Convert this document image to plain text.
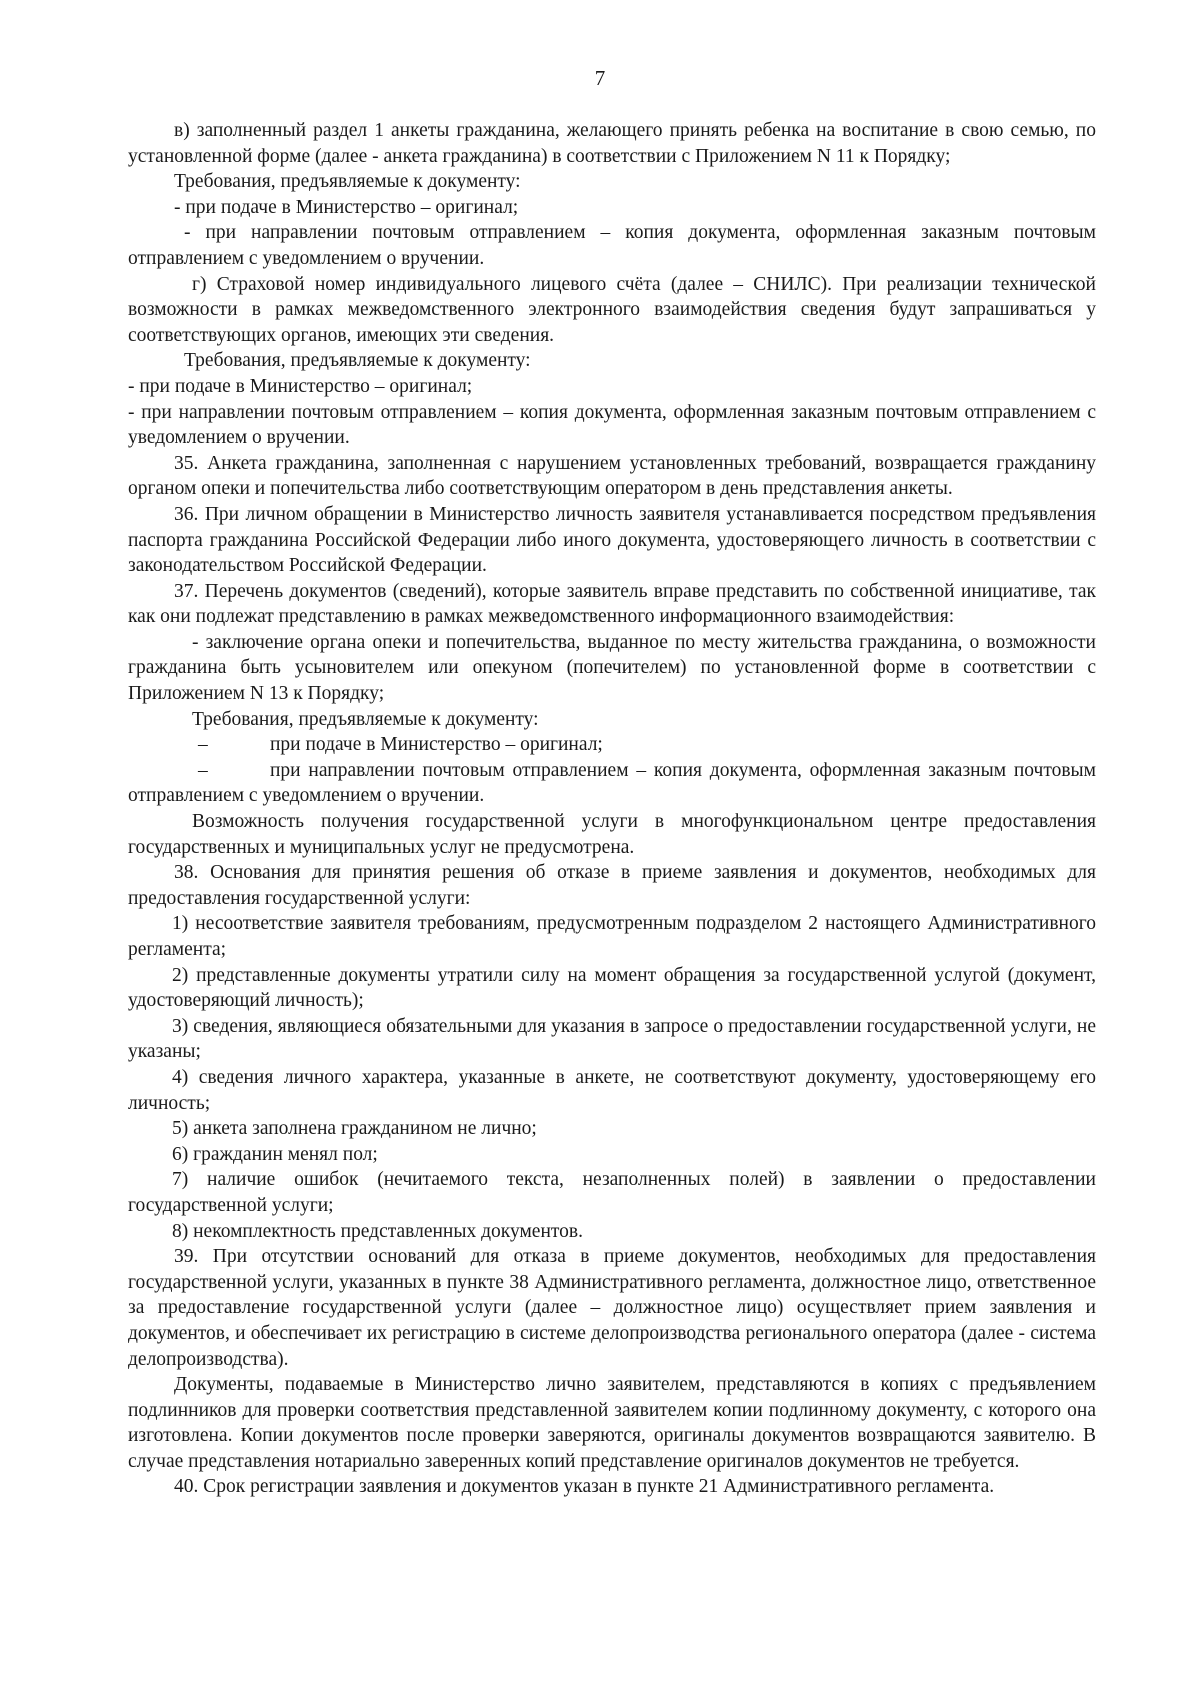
7

в) заполненный раздел 1 анкеты гражданина, желающего принять ребенка на воспитание в свою семью, по установленной форме (далее - анкета гражданина) в соответствии с Приложением N 11 к Порядку;

Требования, предъявляемые к документу:

- при подаче в Министерство – оригинал;

- при направлении почтовым отправлением – копия документа, оформленная заказным почтовым отправлением с уведомлением о вручении.

г) Страховой номер индивидуального лицевого счёта (далее – СНИЛС). При реализации технической возможности в рамках межведомственного электронного взаимодействия сведения будут запрашиваться у соответствующих органов, имеющих эти сведения.

Требования, предъявляемые к документу:

- при подаче в Министерство – оригинал;

- при направлении почтовым отправлением – копия документа, оформленная заказным почтовым отправлением с уведомлением о вручении.

35. Анкета гражданина, заполненная с нарушением установленных требований, возвращается гражданину органом опеки и попечительства либо соответствующим оператором в день представления анкеты.

36. При личном обращении в Министерство личность заявителя устанавливается посредством предъявления паспорта гражданина Российской Федерации либо иного документа, удостоверяющего личность в соответствии с законодательством Российской Федерации.

37. Перечень документов (сведений), которые заявитель вправе представить по собственной инициативе, так как они подлежат представлению в рамках межведомственного информационного взаимодействия:

- заключение органа опеки и попечительства, выданное по месту жительства гражданина, о возможности гражданина быть усыновителем или опекуном (попечителем) по установленной форме в соответствии с Приложением N 13 к Порядку;

Требования, предъявляемые к документу:

–	при подаче в Министерство – оригинал;

–	при направлении почтовым отправлением – копия документа, оформленная заказным почтовым отправлением с уведомлением о вручении.

Возможность получения государственной услуги в многофункциональном центре предоставления государственных и муниципальных услуг не предусмотрена.

38. Основания для принятия решения об отказе в приеме заявления и документов, необходимых для предоставления государственной услуги:

1) несоответствие заявителя требованиям, предусмотренным подразделом 2 настоящего Административного регламента;

2) представленные документы утратили силу на момент обращения за государственной услугой (документ, удостоверяющий личность);

3) сведения, являющиеся обязательными для указания в запросе о предоставлении государственной услуги, не указаны;

4) сведения личного характера, указанные в анкете, не соответствуют документу, удостоверяющему его личность;

5) анкета заполнена гражданином не лично;

6) гражданин менял пол;

7) наличие ошибок (нечитаемого текста, незаполненных полей) в заявлении о предоставлении государственной услуги;

8) некомплектность представленных документов.

39. При отсутствии оснований для отказа в приеме документов, необходимых для предоставления государственной услуги, указанных в пункте 38 Административного регламента, должностное лицо, ответственное за предоставление государственной услуги (далее – должностное лицо) осуществляет прием заявления и документов, и обеспечивает их регистрацию в системе делопроизводства регионального оператора (далее - система делопроизводства).

Документы, подаваемые в Министерство лично заявителем, представляются в копиях с предъявлением подлинников для проверки соответствия представленной заявителем копии подлинному документу, с которого она изготовлена. Копии документов после проверки заверяются, оригиналы документов возвращаются заявителю. В случае представления нотариально заверенных копий представление оригиналов документов не требуется.

40. Срок регистрации заявления и документов указан в пункте 21 Административного регламента.
